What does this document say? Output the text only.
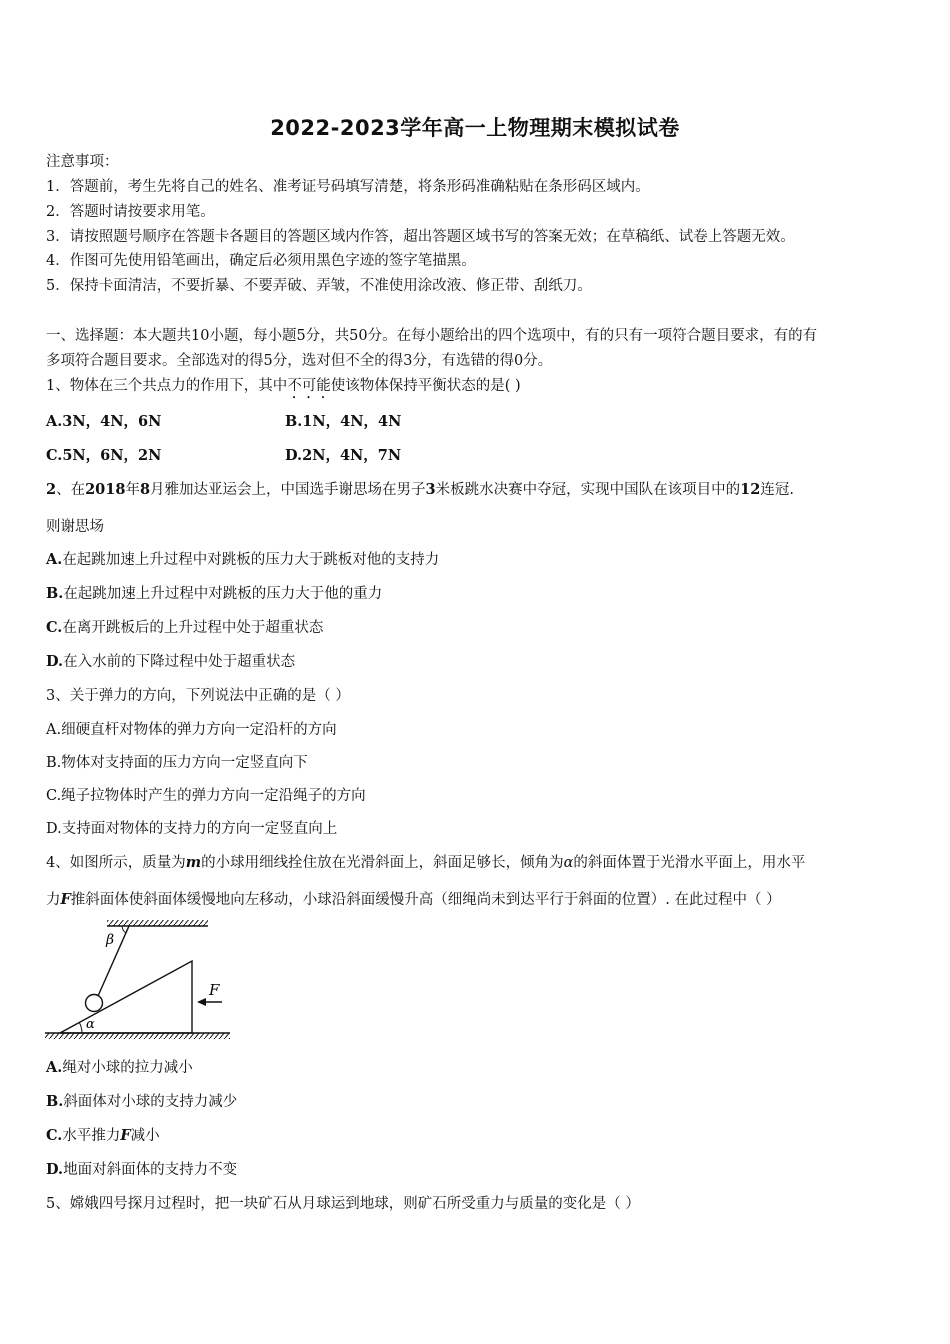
2022-2023学年高一上物理期末模拟试卷
注意事项：
1．答题前，考生先将自己的姓名、准考证号码填写清楚，将条形码准确粘贴在条形码区域内。
2．答题时请按要求用笔。
3．请按照题号顺序在答题卡各题目的答题区域内作答，超出答题区域书写的答案无效；在草稿纸、试卷上答题无效。
4．作图可先使用铅笔画出，确定后必须用黑色字迹的签字笔描黑。
5．保持卡面清洁，不要折暴、不要弄破、弄皱，不准使用涂改液、修正带、刮纸刀。
一、选择题：本大题共10小题，每小题5分，共50分。在每小题给出的四个选项中，有的只有一项符合题目要求，有的有
多项符合题目要求。全部选对的得5分，选对但不全的得3分，有选错的得0分。
1、物体在三个共点力的作用下，其中不可能使该物体保持平衡状态的是( )
A.3N，4N，6N	B.1N，4N，4N
C.5N，6N，2N	D.2N，4N，7N
2、在2018年8月雅加达亚运会上，中国选手谢思场在男子3米板跳水决赛中夺冠，实现中国队在该项目中的12连冠.
则谢思场
A.在起跳加速上升过程中对跳板的压力大于跳板对他的支持力
B.在起跳加速上升过程中对跳板的压力大于他的重力
C.在离开跳板后的上升过程中处于超重状态
D.在入水前的下降过程中处于超重状态
3、关于弹力的方向，下列说法中正确的是（ ）
A.细硬直杆对物体的弹力方向一定沿杆的方向
B.物体对支持面的压力方向一定竖直向下
C.绳子拉物体时产生的弹力方向一定沿绳子的方向
D.支持面对物体的支持力的方向一定竖直向上
4、如图所示，质量为m的小球用细线拴住放在光滑斜面上，斜面足够长，倾角为α的斜面体置于光滑水平面上，用水平
力F推斜面体使斜面体缓慢地向左移动，小球沿斜面缓慢升高（细绳尚未到达平行于斜面的位置）. 在此过程中（ ）
β
α
F
A.绳对小球的拉力减小
B.斜面体对小球的支持力减少
C.水平推力F减小
D.地面对斜面体的支持力不变
5、嫦娥四号探月过程时，把一块矿石从月球运到地球，则矿石所受重力与质量的变化是（ ）
